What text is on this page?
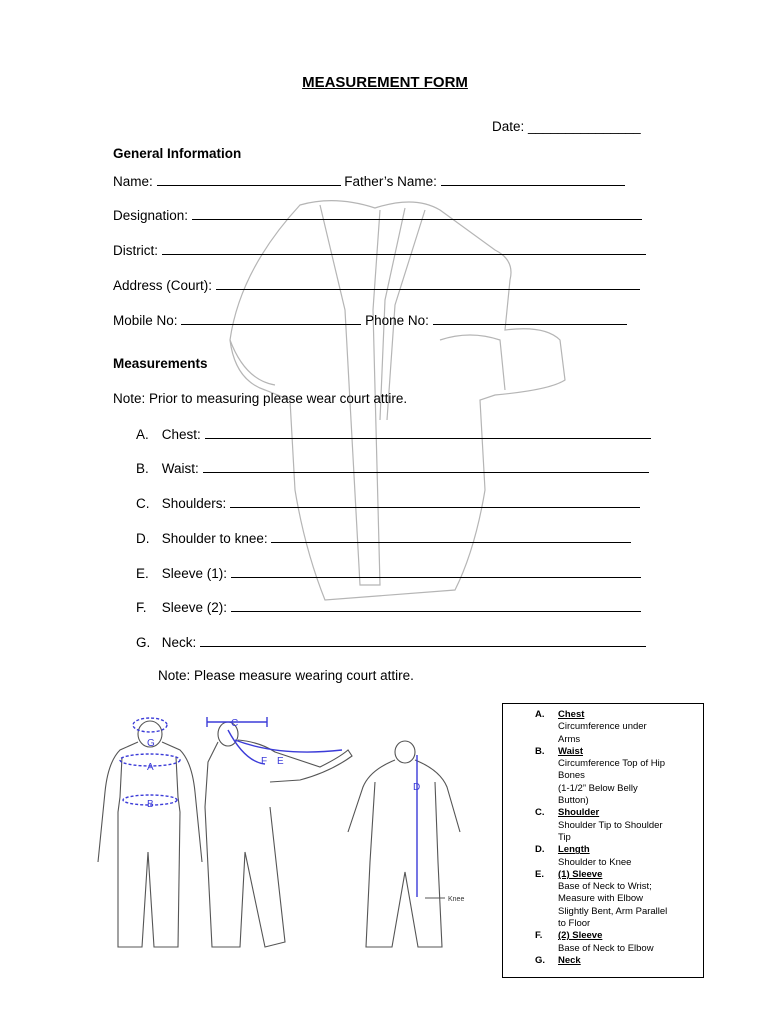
MEASUREMENT FORM
Date: _______________
General Information
Name:	Father’s Name:
Designation:
District:
Address (Court):
Mobile No:	Phone No:
Measurements
Note: Prior to measuring please wear court attire.
A. Chest:
B. Waist:
C. Shoulders:
D. Shoulder to knee:
E. Sleeve (1):
F. Sleeve (2):
G. Neck:
Note: Please measure wearing court attire.
G
A
B
C
F E
D
Knee
A. Chest
Circumference under
Arms
B. Waist
Circumference Top of Hip
Bones
(1-1/2” Below Belly
Button)
C. Shoulder
Shoulder Tip to Shoulder
Tip
D. Length
Shoulder to Knee
E. (1) Sleeve
Base of Neck to Wrist;
Measure with Elbow
Slightly Bent, Arm Parallel
to Floor
F. (2) Sleeve
Base of Neck to Elbow
G. Neck
